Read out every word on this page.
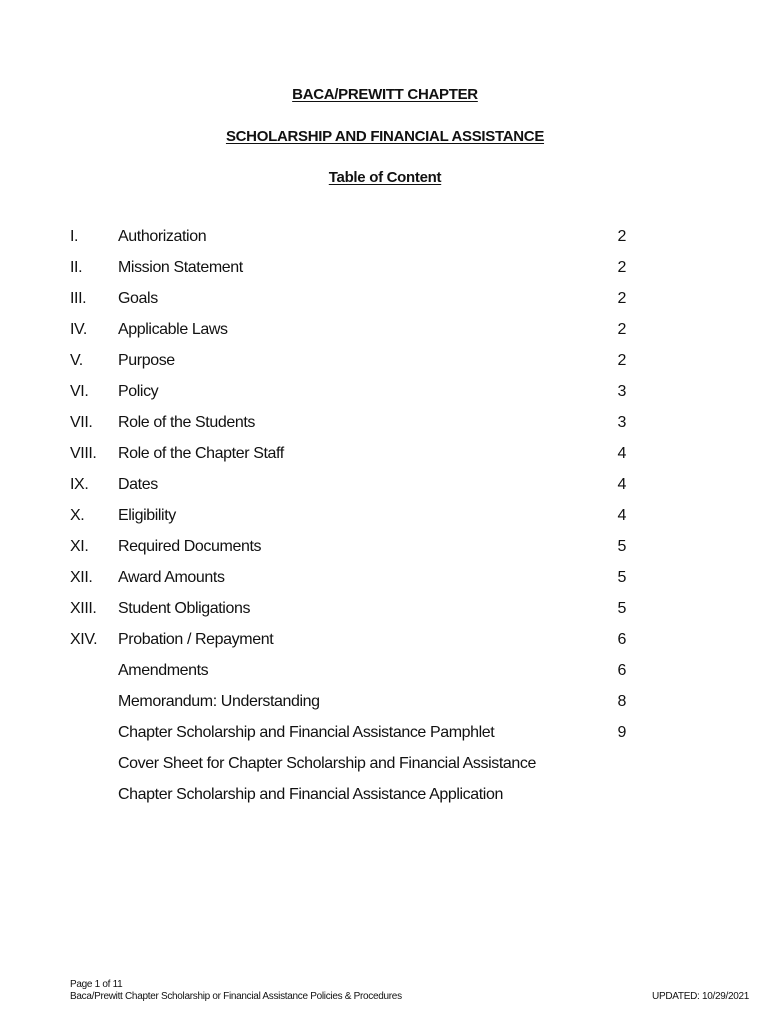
BACA/PREWITT CHAPTER
SCHOLARSHIP AND FINANCIAL ASSISTANCE
Table of Content
I. Authorization	2
II. Mission Statement	2
III. Goals	2
IV. Applicable Laws	2
V. Purpose	2
VI. Policy	3
VII. Role of the Students	3
VIII. Role of the Chapter Staff	4
IX. Dates	4
X. Eligibility	4
XI. Required Documents	5
XII. Award Amounts	5
XIII. Student Obligations	5
XIV. Probation / Repayment	6
Amendments	6
Memorandum: Understanding	8
Chapter Scholarship and Financial Assistance Pamphlet	9
Cover Sheet for Chapter Scholarship and Financial Assistance
Chapter Scholarship and Financial Assistance Application
Page 1 of 11
Baca/Prewitt Chapter Scholarship or Financial Assistance Policies & Procedures	UPDATED: 10/29/2021
